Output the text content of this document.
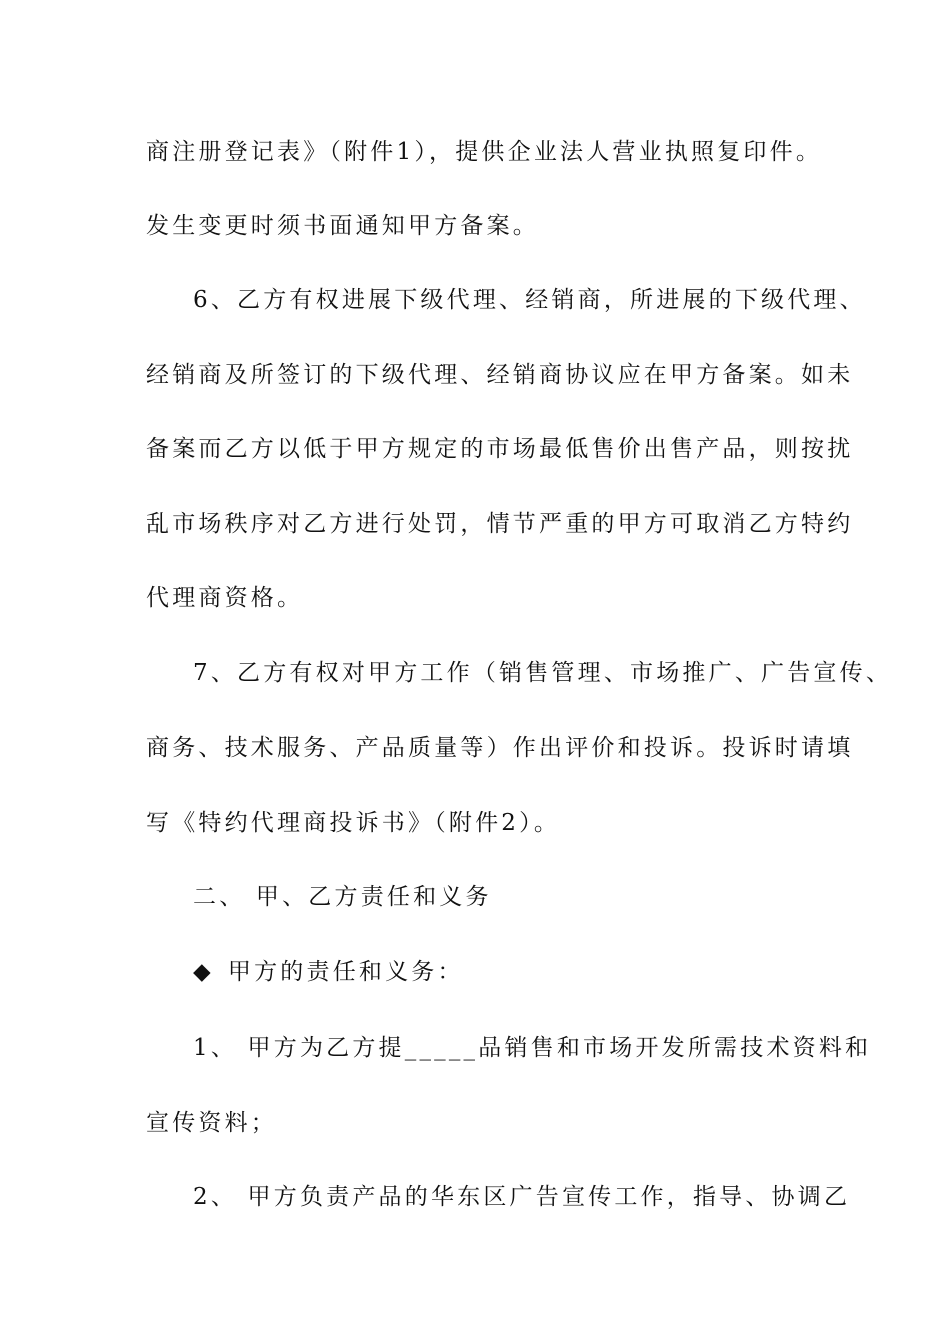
商注册登记表》（附件1），提供企业法人营业执照复印件。

发生变更时须书面通知甲方备案。

6、乙方有权进展下级代理、经销商，所进展的下级代理、

经销商及所签订的下级代理、经销商协议应在甲方备案。如未

备案而乙方以低于甲方规定的市场最低售价出售产品，则按扰

乱市场秩序对乙方进行处罚，情节严重的甲方可取消乙方特约

代理商资格。

7、乙方有权对甲方工作（销售管理、市场推广、广告宣传、

商务、技术服务、产品质量等）作出评价和投诉。投诉时请填

写《特约代理商投诉书》（附件2）。

二、 甲、乙方责任和义务

◆ 甲方的责任和义务：

1、 甲方为乙方提_____品销售和市场开发所需技术资料和

宣传资料；

2、 甲方负责产品的华东区广告宣传工作，指导、协调乙
